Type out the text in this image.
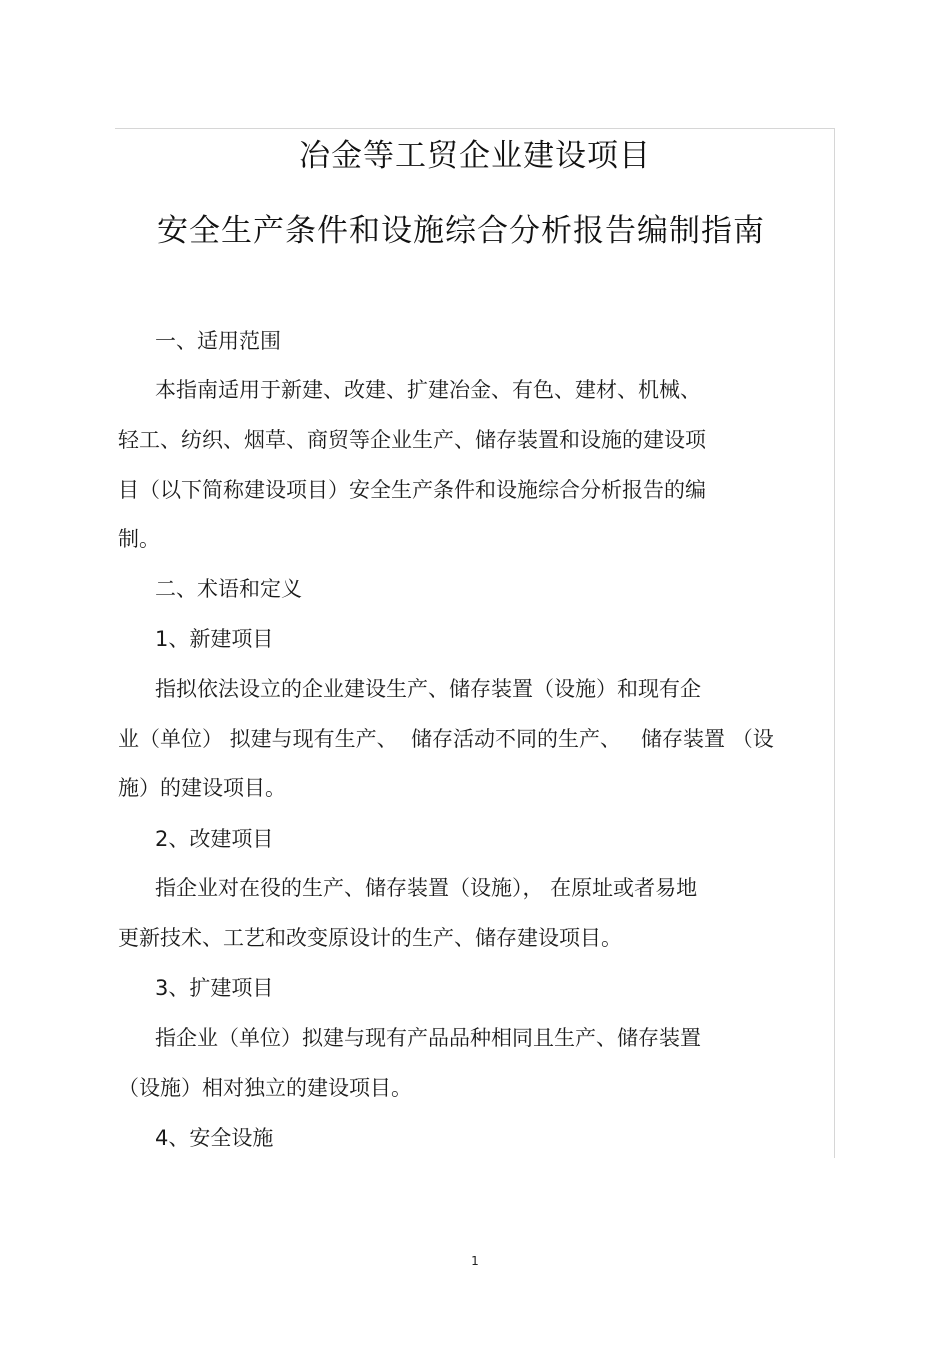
冶金等工贸企业建设项目
安全生产条件和设施综合分析报告编制指南
一、适用范围
本指南适用于新建、改建、扩建冶金、有色、建材、机械、
轻工、纺织、烟草、商贸等企业生产、储存装置和设施的建设项
目（以下简称建设项目）安全生产条件和设施综合分析报告的编
制。
二、术语和定义
1、新建项目
指拟依法设立的企业建设生产、储存装置（设施）和现有企
业（单位） 拟建与现有生产、  储存活动不同的生产、   储存装置 （设
施）的建设项目。
2、改建项目
指企业对在役的生产、储存装置（设施）， 在原址或者易地
更新技术、工艺和改变原设计的生产、储存建设项目。
3、扩建项目
指企业（单位）拟建与现有产品品种相同且生产、储存装置
（设施）相对独立的建设项目。
4、安全设施
1
